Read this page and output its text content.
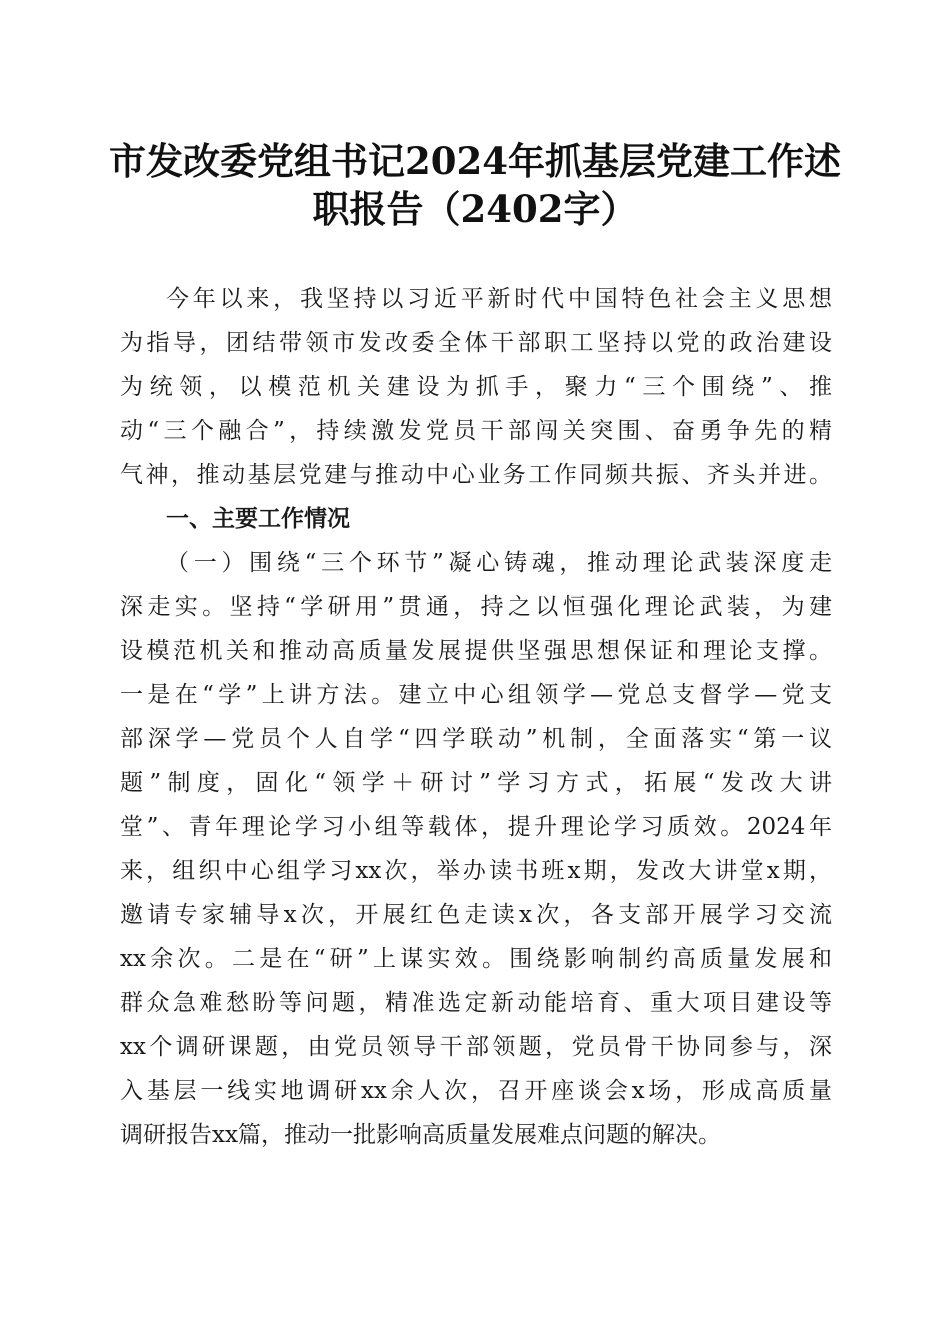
市发改委党组书记2024年抓基层党建工作述
职报告（2402字）
今年以来，我坚持以习近平新时代中国特色社会主义思想
为指导，团结带领市发改委全体干部职工坚持以党的政治建设
为统领，以模范机关建设为抓手，聚力“三个围绕”、推
动“三个融合”，持续激发党员干部闯关突围、奋勇争先的精
气神，推动基层党建与推动中心业务工作同频共振、齐头并进。
一、主要工作情况
（一）围绕“三个环节”凝心铸魂，推动理论武装深度走
深走实。坚持“学研用”贯通，持之以恒强化理论武装，为建
设模范机关和推动高质量发展提供坚强思想保证和理论支撑。
一是在“学”上讲方法。建立中心组领学—党总支督学—党支
部深学—党员个人自学“四学联动”机制，全面落实“第一议
题”制度，固化“领学＋研讨”学习方式，拓展“发改大讲
堂”、青年理论学习小组等载体，提升理论学习质效。2024年
来，组织中心组学习xx次，举办读书班x期，发改大讲堂x期，
邀请专家辅导x次，开展红色走读x次，各支部开展学习交流
xx余次。二是在“研”上谋实效。围绕影响制约高质量发展和
群众急难愁盼等问题，精准选定新动能培育、重大项目建设等
xx个调研课题，由党员领导干部领题，党员骨干协同参与，深
入基层一线实地调研xx余人次，召开座谈会x场，形成高质量
调研报告xx篇，推动一批影响高质量发展难点问题的解决。
